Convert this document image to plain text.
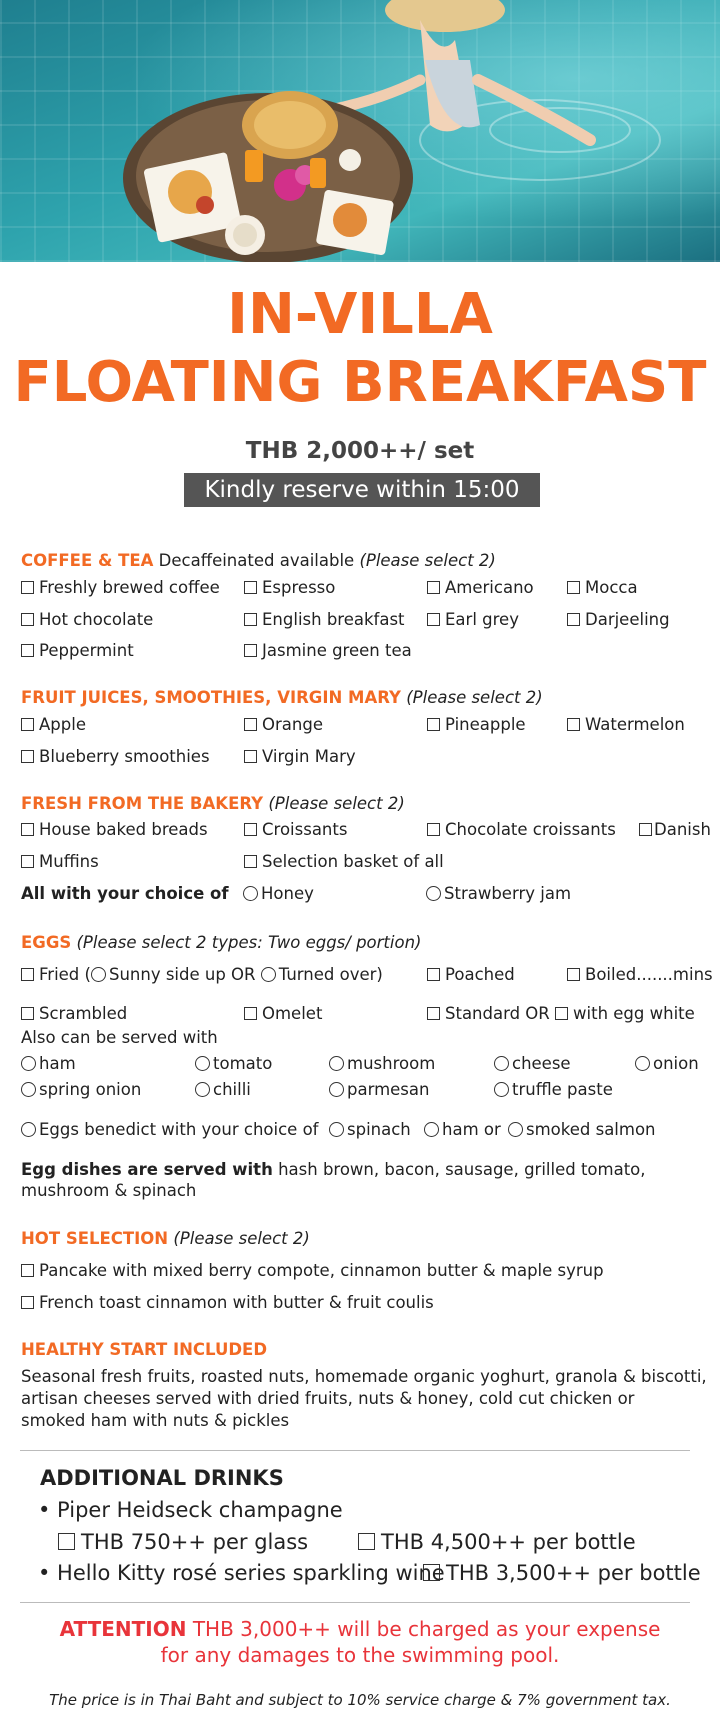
IN-VILLA
FLOATING BREAKFAST
THB 2,000++/ set
Kindly reserve within 15:00 hrs.
COFFEE & TEA Decaffeinated available (Please select 2)
Freshly brewed coffee	Espresso	Americano	Mocca
Hot chocolate	English breakfast	Earl grey	Darjeeling
Peppermint	Jasmine green tea
FRUIT JUICES, SMOOTHIES, VIRGIN MARY (Please select 2)
Apple	Orange	Pineapple	Watermelon
Blueberry smoothies	Virgin Mary
FRESH FROM THE BAKERY (Please select 2)
House baked breads	Croissants	Chocolate croissants	Danish
Muffins	Selection basket of all
All with your choice of	Honey	Strawberry jam
EGGS (Please select 2 types: Two eggs/ portion)
Fried ( Sunny side up OR Turned over)	Poached	Boiled.......mins
Scrambled	Omelet	Standard OR with egg white
Also can be served with
ham	tomato	mushroom	cheese	onion
spring onion	chilli	parmesan	truffle paste
Eggs benedict with your choice of	spinach	ham or	smoked salmon
Egg dishes are served with hash brown, bacon, sausage, grilled tomato,
mushroom & spinach
HOT SELECTION (Please select 2)
Pancake with mixed berry compote, cinnamon butter & maple syrup
French toast cinnamon with butter & fruit coulis
HEALTHY START INCLUDED
Seasonal fresh fruits, roasted nuts, homemade organic yoghurt, granola & biscotti,
artisan cheeses served with dried fruits, nuts & honey, cold cut chicken or
smoked ham with nuts & pickles
ADDITIONAL DRINKS
• Piper Heidseck champagne
THB 750++ per glass	THB 4,500++ per bottle
• Hello Kitty rosé series sparkling wine THB 3,500++ per bottle
ATTENTION THB 3,000++ will be charged as your expense
for any damages to the swimming pool.
The price is in Thai Baht and subject to 10% service charge & 7% government tax.
